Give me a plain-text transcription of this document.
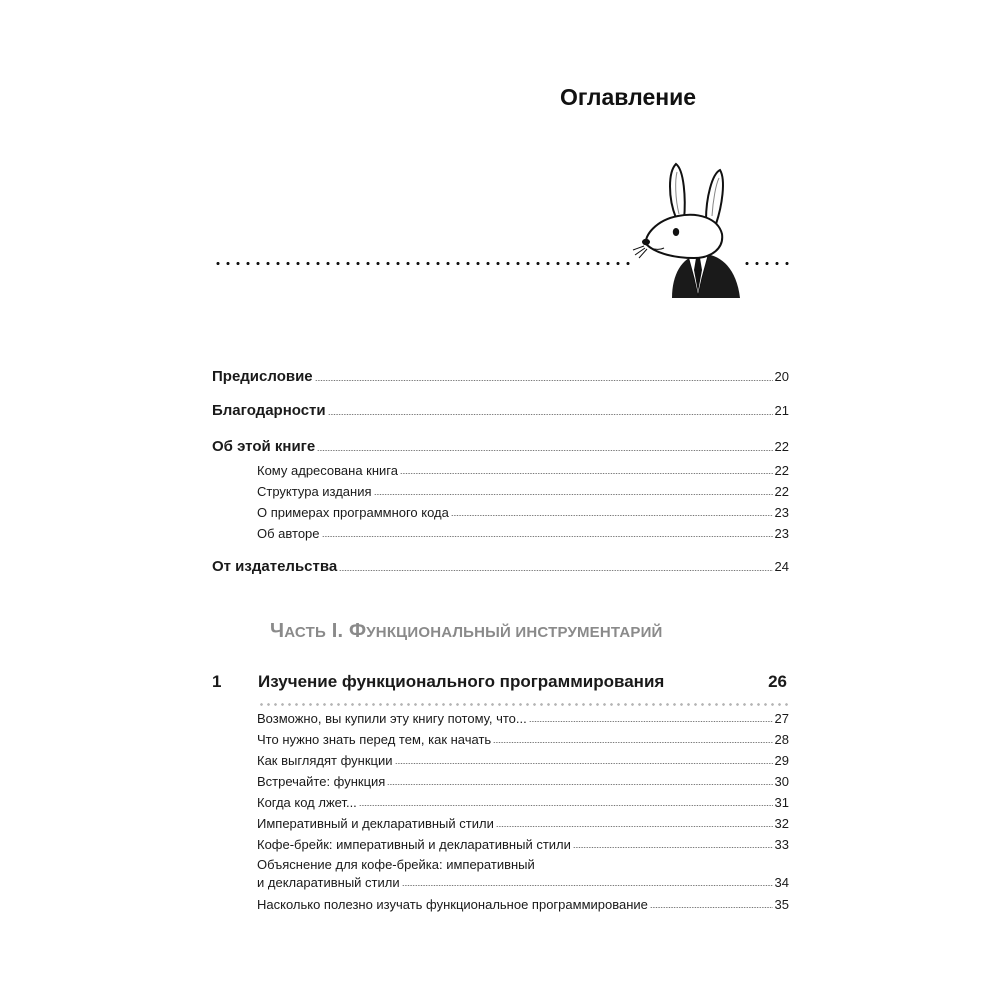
Оглавление
Предисловие	20
Благодарности	21
Об этой книге	22
Кому адресована книга	22
Структура издания	22
О примерах программного кода	23
Об авторе	23
От издательства	24
ЧАСТЬ I. ФУНКЦИОНАЛЬНЫЙ ИНСТРУМЕНТАРИЙ
1 Изучение функционального программирования	26
Возможно, вы купили эту книгу потому, что...	27
Что нужно знать перед тем, как начать	28
Как выглядят функции	29
Встречайте: функция	30
Когда код лжет...	31
Императивный и декларативный стили	32
Кофе-брейк: императивный и декларативный стили	33
Объяснение для кофе-брейка: императивный
и декларативный стили	34
Насколько полезно изучать функциональное программирование	35
